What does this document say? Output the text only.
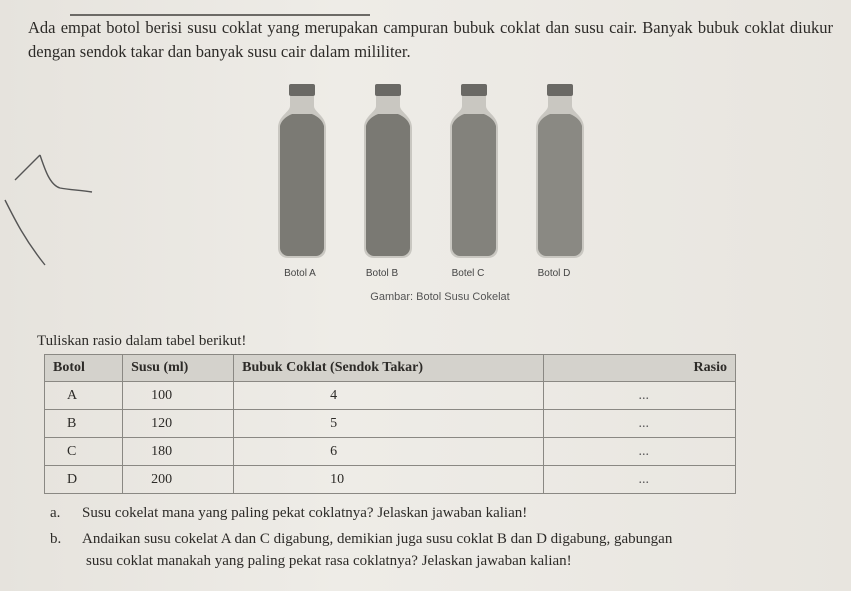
Ada empat botol berisi susu coklat yang merupakan campuran bubuk coklat dan susu cair. Banyak bubuk coklat diukur dengan sendok takar dan banyak susu cair dalam mililiter.
Botol A	Botol B	Botel C	Botol D
Gambar: Botol Susu Cokelat
Tuliskan rasio dalam tabel berikut!
Botol	Susu (ml)	Bubuk Coklat (Sendok Takar)	Rasio
A	100	4	...
B	120	5	...
C	180	6	...
D	200	10	...
a. Susu cokelat mana yang paling pekat coklatnya? Jelaskan jawaban kalian!
b. Andaikan susu cokelat A dan C digabung, demikian juga susu coklat B dan D digabung, gabungan
susu coklat manakah yang paling pekat rasa coklatnya? Jelaskan jawaban kalian!
